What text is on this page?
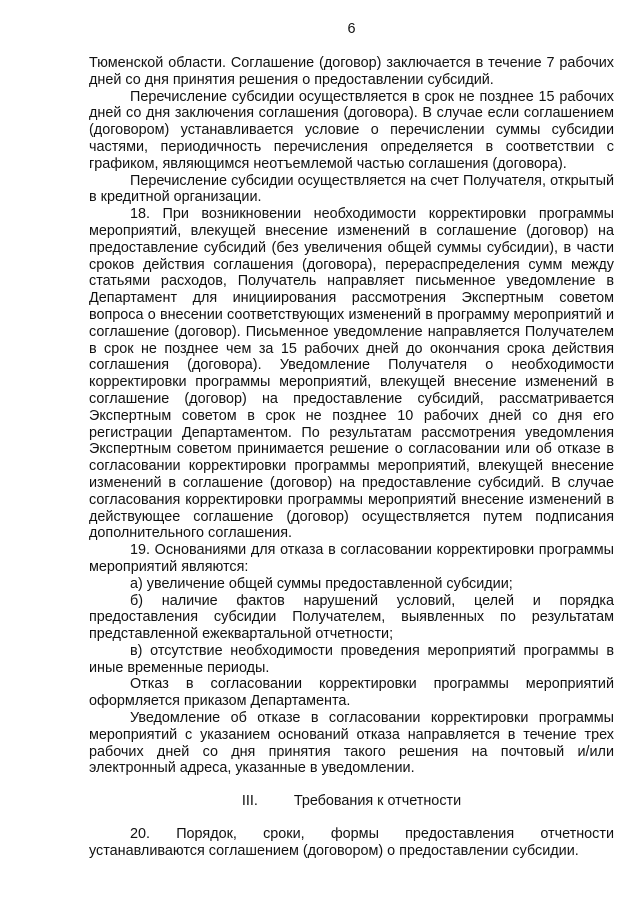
6

Тюменской области. Соглашение (договор) заключается в течение 7 рабочих дней со дня принятия решения о предоставлении субсидий.

Перечисление субсидии осуществляется в срок не позднее 15 рабочих дней со дня заключения соглашения (договора). В случае если соглашением (договором) устанавливается условие о перечислении суммы субсидии частями, периодичность перечисления определяется в соответствии с графиком, являющимся неотъемлемой частью соглашения (договора).

Перечисление субсидии осуществляется на счет Получателя, открытый в кредитной организации.

18. При возникновении необходимости корректировки программы мероприятий, влекущей внесение изменений в соглашение (договор) на предоставление субсидий (без увеличения общей суммы субсидии), в части сроков действия соглашения (договора), перераспределения сумм между статьями расходов, Получатель направляет письменное уведомление в Департамент для инициирования рассмотрения Экспертным советом вопроса о внесении соответствующих изменений в программу мероприятий и соглашение (договор). Письменное уведомление направляется Получателем в срок не позднее чем за 15 рабочих дней до окончания срока действия соглашения (договора). Уведомление Получателя о необходимости корректировки программы мероприятий, влекущей внесение изменений в соглашение (договор) на предоставление субсидий, рассматривается Экспертным советом в срок не позднее 10 рабочих дней со дня его регистрации Департаментом. По результатам рассмотрения уведомления Экспертным советом принимается решение о согласовании или об отказе в согласовании корректировки программы мероприятий, влекущей внесение изменений в соглашение (договор) на предоставление субсидий. В случае согласования корректировки программы мероприятий внесение изменений в действующее соглашение (договор) осуществляется путем подписания дополнительного соглашения.

19. Основаниями для отказа в согласовании корректировки программы мероприятий являются:

а) увеличение общей суммы предоставленной субсидии;

б) наличие фактов нарушений условий, целей и порядка предоставления субсидии Получателем, выявленных по результатам представленной ежеквартальной отчетности;

в) отсутствие необходимости проведения мероприятий программы в иные временные периоды.

Отказ в согласовании корректировки программы мероприятий оформляется приказом Департамента.

Уведомление об отказе в согласовании корректировки программы мероприятий с указанием оснований отказа направляется в течение трех рабочих дней со дня принятия такого решения на почтовый и/или электронный адреса, указанные в уведомлении.

III.	Требования к отчетности

20. Порядок, сроки, формы предоставления отчетности устанавливаются соглашением (договором) о предоставлении субсидии.
